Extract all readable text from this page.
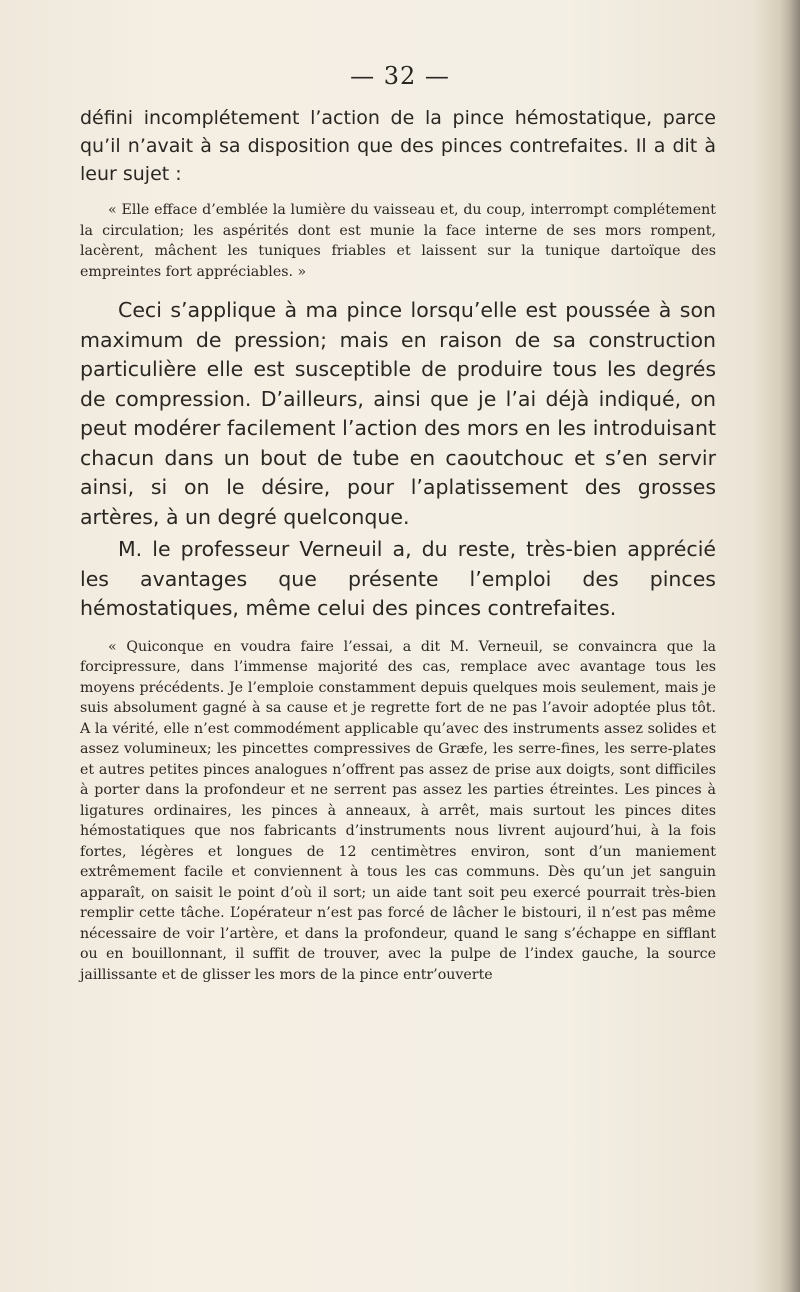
— 32 —

défini incomplétement l’action de la pince hémostatique, parce qu’il n’avait à sa disposition que des pinces contrefaites. Il a dit à leur sujet :

« Elle efface d’emblée la lumière du vaisseau et, du coup, interrompt complétement la circulation; les aspérités dont est munie la face interne de ses mors rompent, lacèrent, mâchent les tuniques friables et laissent sur la tunique dartoïque des empreintes fort appréciables. »

Ceci s’applique à ma pince lorsqu’elle est poussée à son maximum de pression; mais en raison de sa construction particulière elle est susceptible de produire tous les degrés de compression. D’ailleurs, ainsi que je l’ai déjà indiqué, on peut modérer facilement l’action des mors en les introduisant chacun dans un bout de tube en caoutchouc et s’en servir ainsi, si on le désire, pour l’aplatissement des grosses artères, à un degré quelconque.

M. le professeur Verneuil a, du reste, très-bien apprécié les avantages que présente l’emploi des pinces hémostatiques, même celui des pinces contrefaites.

« Quiconque en voudra faire l’essai, a dit M. Verneuil, se convaincra que la forcipressure, dans l’immense majorité des cas, remplace avec avantage tous les moyens précédents. Je l’emploie constamment depuis quelques mois seulement, mais je suis absolument gagné à sa cause et je regrette fort de ne pas l’avoir adoptée plus tôt. A la vérité, elle n’est commodément applicable qu’avec des instruments assez solides et assez volumineux; les pincettes compressives de Græfe, les serre-fines, les serre-plates et autres petites pinces analogues n’offrent pas assez de prise aux doigts, sont difficiles à porter dans la profondeur et ne serrent pas assez les parties étreintes. Les pinces à ligatures ordinaires, les pinces à anneaux, à arrêt, mais surtout les pinces dites hémostatiques que nos fabricants d’instruments nous livrent aujourd’hui, à la fois fortes, légères et longues de 12 centimètres environ, sont d’un maniement extrêmement facile et conviennent à tous les cas communs. Dès qu’un jet sanguin apparaît, on saisit le point d’où il sort; un aide tant soit peu exercé pourrait très-bien remplir cette tâche. L’opérateur n’est pas forcé de lâcher le bistouri, il n’est pas même nécessaire de voir l’artère, et dans la profondeur, quand le sang s’échappe en sifflant ou en bouillonnant, il suffit de trouver, avec la pulpe de l’index gauche, la source jaillissante et de glisser les mors de la pince entr’ouverte
